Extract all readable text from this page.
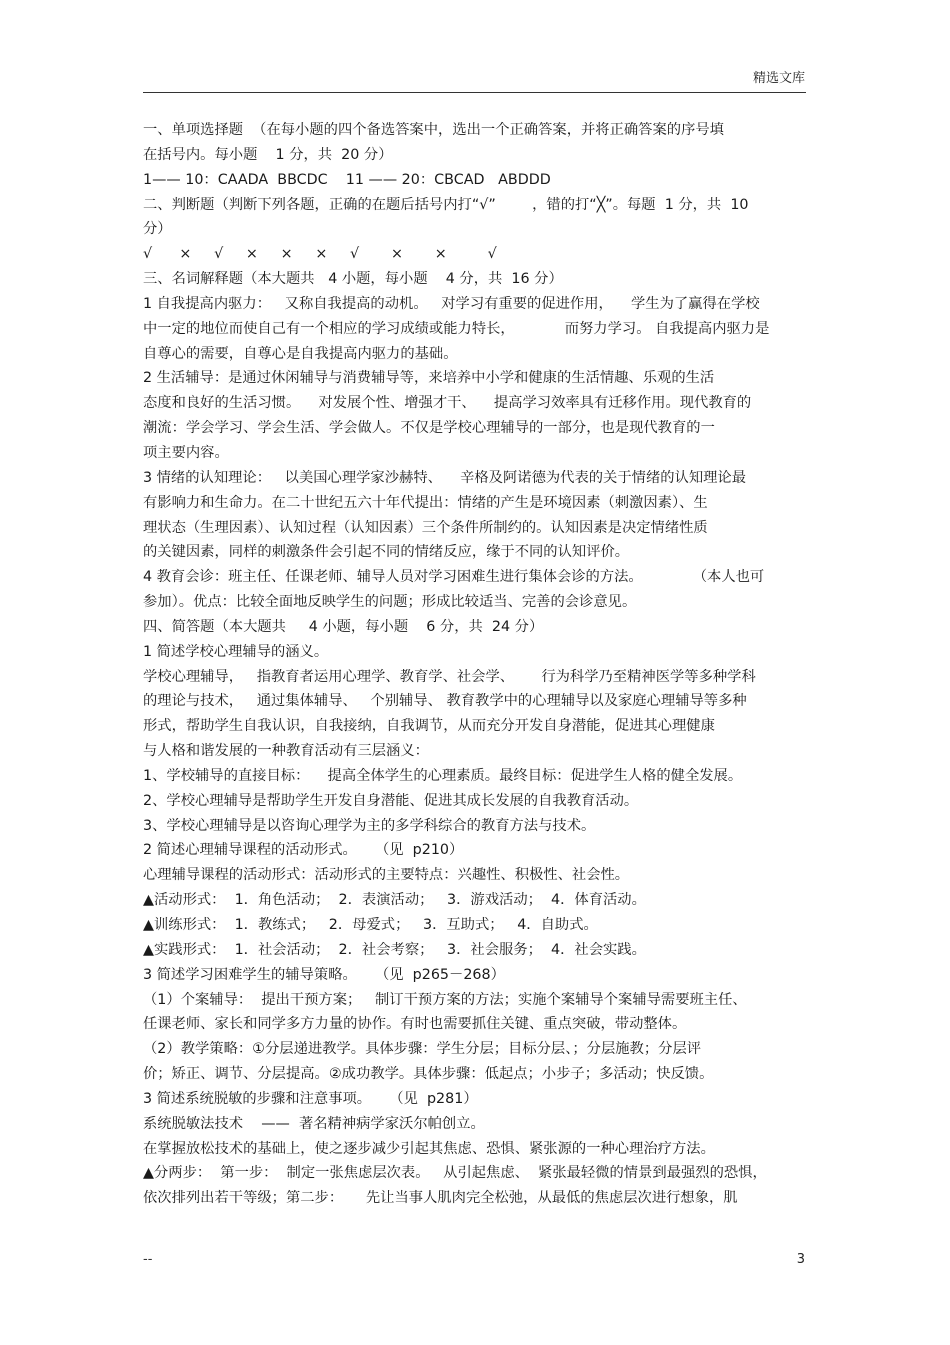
精选文库
一、单项选择题  （在每小题的四个备选答案中，选出一个正确答案，并将正确答案的序号填
在括号内。每小题    1 分，共  20 分）
1—— 10：CAADA  BBCDC    11 —— 20：CBCAD   ABDDD
二、判断题（判断下列各题，正确的在题后括号内打“√”        ，错的打“╳”。每题  1 分，共  10
分）
√      ×     √     ×     ×     ×     √       ×       ×         √
三、名词解释题（本大题共   4 小题，每小题    4 分，共  16 分）
1 自我提高内驱力：   又称自我提高的动机。   对学习有重要的促进作用，    学生为了赢得在学校
中一定的地位而使自己有一个相应的学习成绩或能力特长，           而努力学习。 自我提高内驱力是
自尊心的需要，自尊心是自我提高内驱力的基础。
2 生活辅导：是通过休闲辅导与消费辅导等，来培养中小学和健康的生活情趣、乐观的生活
态度和良好的生活习惯。    对发展个性、增强才干、    提高学习效率具有迁移作用。现代教育的
潮流：学会学习、学会生活、学会做人。不仅是学校心理辅导的一部分，也是现代教育的一
项主要内容。
3 情绪的认知理论：   以美国心理学家沙赫特、    辛格及阿诺德为代表的关于情绪的认知理论最
有影响力和生命力。在二十世纪五六十年代提出：情绪的产生是环境因素（刺激因素）、生
理状态（生理因素）、认知过程（认知因素）三个条件所制约的。认知因素是决定情绪性质
的关键因素，同样的刺激条件会引起不同的情绪反应，缘于不同的认知评价。
4 教育会诊：班主任、任课老师、辅导人员对学习困难生进行集体会诊的方法。           （本人也可
参加）。优点：比较全面地反映学生的问题；形成比较适当、完善的会诊意见。
四、简答题（本大题共     4 小题，每小题    6 分，共  24 分）
1 简述学校心理辅导的涵义。
学校心理辅导，   指教育者运用心理学、教育学、社会学、      行为科学乃至精神医学等多种学科
的理论与技术，   通过集体辅导、   个别辅导、 教育教学中的心理辅导以及家庭心理辅导等多种
形式，帮助学生自我认识，自我接纳，自我调节，从而充分开发自身潜能，促进其心理健康
与人格和谐发展的一种教育活动有三层涵义：
1、学校辅导的直接目标：    提高全体学生的心理素质。最终目标：促进学生人格的健全发展。
2、学校心理辅导是帮助学生开发自身潜能、促进其成长发展的自我教育活动。
3、学校心理辅导是以咨询心理学为主的多学科综合的教育方法与技术。
2 简述心理辅导课程的活动形式。    （见  p210）
心理辅导课程的活动形式：活动形式的主要特点：兴趣性、积极性、社会性。
▲活动形式：  1．角色活动；  2．表演活动；   3．游戏活动；  4．体育活动。
▲训练形式：  1．教练式；   2．母爱式；   3．互助式；   4．自助式。
▲实践形式：  1．社会活动；  2．社会考察；   3．社会服务；  4．社会实践。
3 简述学习困难学生的辅导策略。    （见  p265－268）
（1）个案辅导：  提出干预方案；   制订干预方案的方法；实施个案辅导个案辅导需要班主任、
任课老师、家长和同学多方力量的协作。有时也需要抓住关键、重点突破，带动整体。
（2）教学策略：①分层递进教学。具体步骤：学生分层；目标分层、；分层施教；分层评
价；矫正、调节、分层提高。②成功教学。具体步骤：低起点；小步子；多活动；快反馈。
3 简述系统脱敏的步骤和注意事项。    （见  p281）
系统脱敏法技术    ——  著名精神病学家沃尔帕创立。
在掌握放松技术的基础上，使之逐步减少引起其焦虑、恐惧、紧张源的一种心理治疗方法。
▲分两步：  第一步：  制定一张焦虑层次表。   从引起焦虑、  紧张最轻微的情景到最强烈的恐惧，
依次排列出若干等级；第二步：     先让当事人肌肉完全松弛，从最低的焦虑层次进行想象，肌
--	3
